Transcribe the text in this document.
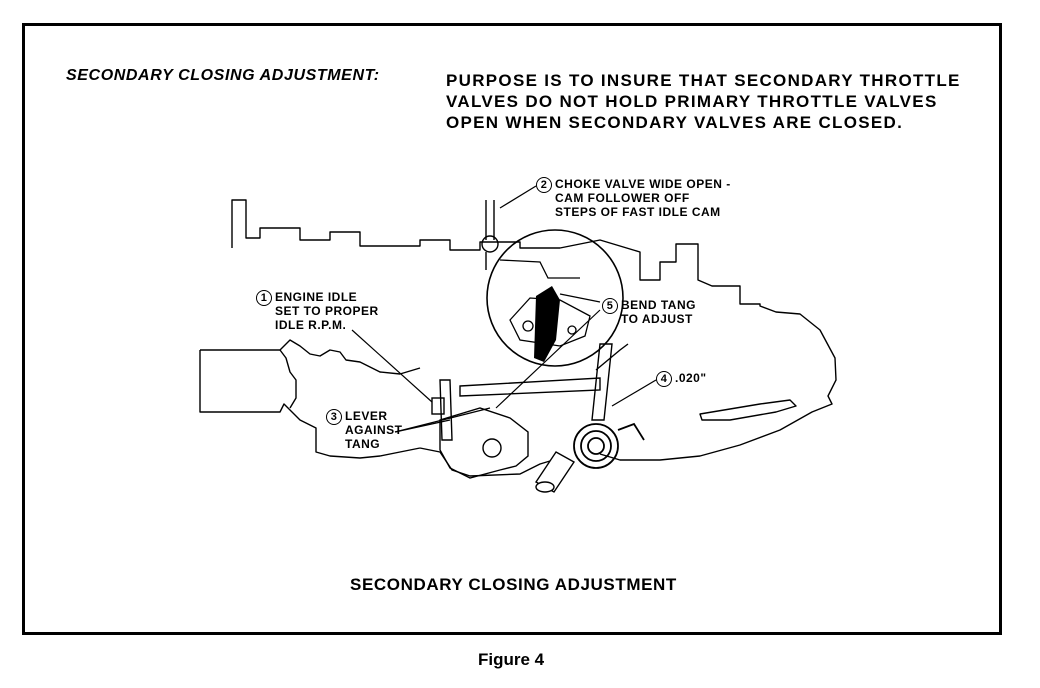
SECONDARY CLOSING ADJUSTMENT:	PURPOSE IS TO INSURE THAT SECONDARY THROTTLE
VALVES DO NOT HOLD PRIMARY THROTTLE VALVES
OPEN WHEN SECONDARY VALVES ARE CLOSED.
1 ENGINE IDLE
SET TO PROPER
IDLE R.P.M.
2 CHOKE VALVE WIDE OPEN -
CAM FOLLOWER OFF
STEPS OF FAST IDLE CAM
3 LEVER
AGAINST
TANG
4 .020"
5 BEND TANG
TO ADJUST
SECONDARY CLOSING ADJUSTMENT
Figure 4
